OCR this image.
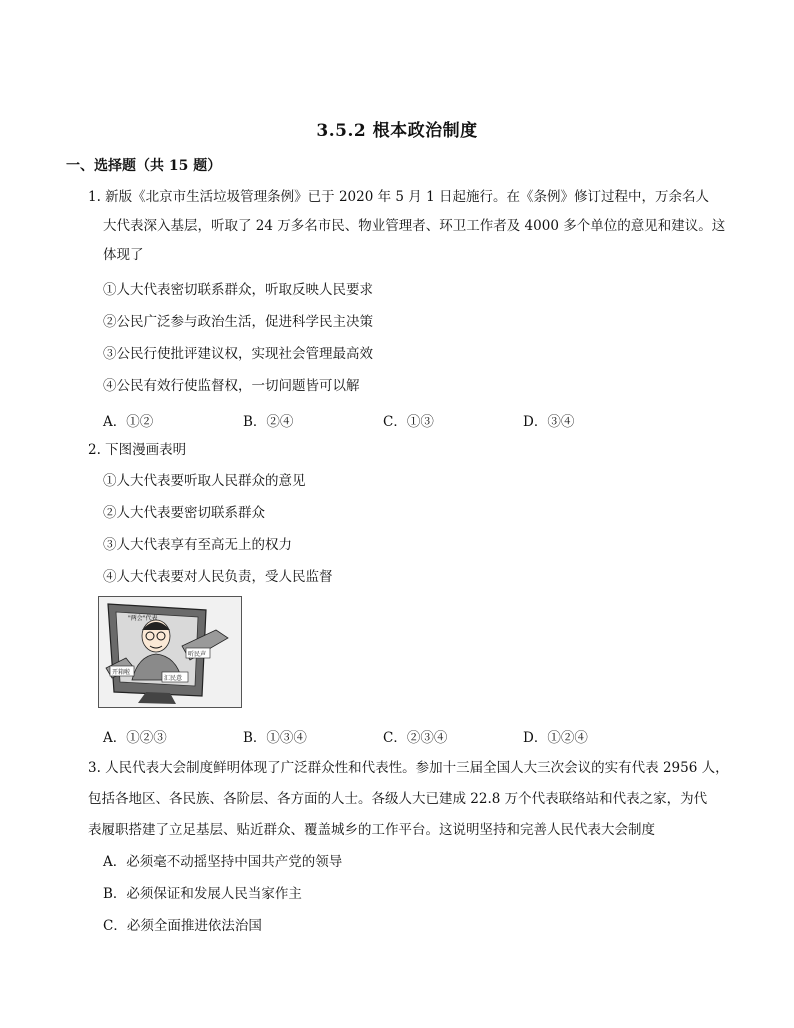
3.5.2 根本政治制度
一、选择题（共 15 题）
1. 新版《北京市生活垃圾管理条例》已于 2020 年 5 月 1 日起施行。在《条例》修订过程中，万余名人
大代表深入基层，听取了 24 万多名市民、物业管理者、环卫工作者及 4000 多个单位的意见和建议。这
体现了
①人大代表密切联系群众，听取反映人民要求
②公民广泛参与政治生活，促进科学民主决策
③公民行使批评建议权，实现社会管理最高效
④公民有效行使监督权，一切问题皆可以解
A．①②	B．②④	C．①③	D．③④
2. 下图漫画表明
①人大代表要听取人民群众的意见
②人大代表要密切联系群众
③人大代表享有至高无上的权力
④人大代表要对人民负责，受人民监督
"两会"代表
开箱啦
听民声
汇民意
A．①②③	B．①③④	C．②③④	D．①②④
3. 人民代表大会制度鲜明体现了广泛群众性和代表性。参加十三届全国人大三次会议的实有代表 2956 人，
包括各地区、各民族、各阶层、各方面的人士。各级人大已建成 22.8 万个代表联络站和代表之家，为代
表履职搭建了立足基层、贴近群众、覆盖城乡的工作平台。这说明坚持和完善人民代表大会制度
A．必须毫不动摇坚持中国共产党的领导
B．必须保证和发展人民当家作主
C．必须全面推进依法治国
